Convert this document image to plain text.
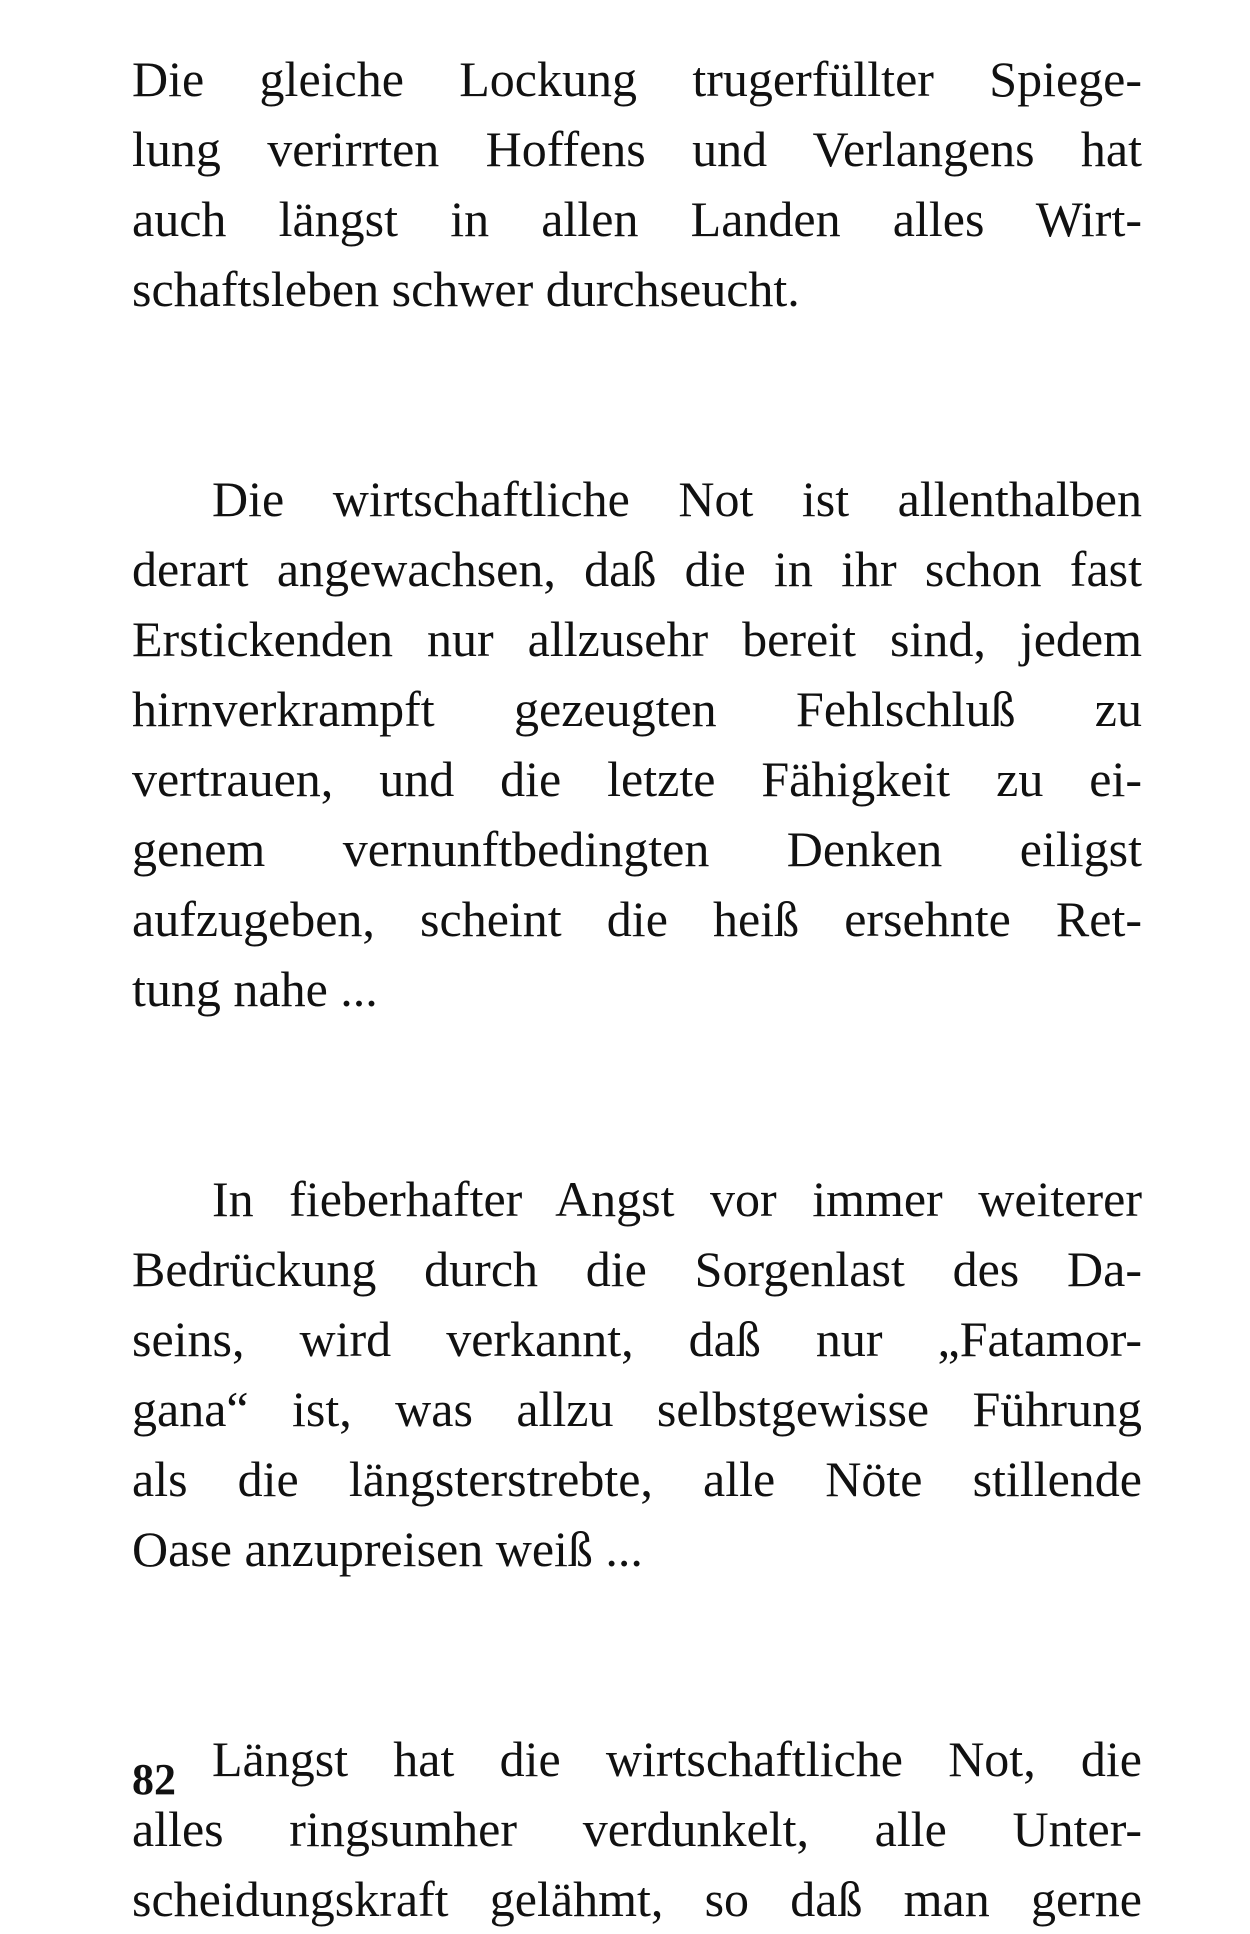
Die gleiche Lockung trugerfüllter Spiege-
lung verirrten Hoffens und Verlangens hat
auch längst in allen Landen alles Wirt-
schaftsleben schwer durchseucht.

Die wirtschaftliche Not ist allenthalben
derart angewachsen, daß die in ihr schon fast
Erstickenden nur allzusehr bereit sind, jedem
hirnverkrampft gezeugten Fehlschluß zu
vertrauen, und die letzte Fähigkeit zu ei-
genem vernunftbedingten Denken eiligst
aufzugeben, scheint die heiß ersehnte Ret-
tung nahe ...

In fieberhafter Angst vor immer weiterer
Bedrückung durch die Sorgenlast des Da-
seins, wird verkannt, daß nur „Fatamor-
gana“ ist, was allzu selbstgewisse Führung
als die längsterstrebte, alle Nöte stillende
Oase anzupreisen weiß ...

Längst hat die wirtschaftliche Not, die
alles ringsumher verdunkelt, alle Unter-
scheidungskraft gelähmt, so daß man gerne

82
